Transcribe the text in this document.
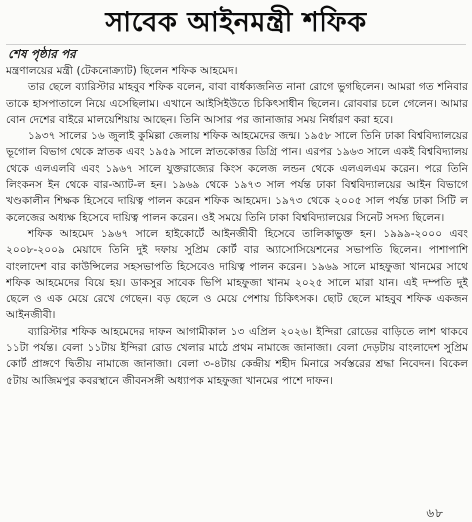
সাবেক আইনমন্ত্রী শফিক
শেষ পৃষ্ঠার পর

মন্ত্রণালয়ের মন্ত্রী (টেকনোক্র্যাট) ছিলেন শফিক আহমেদ।

তার ছেলে ব্যারিস্টার মাহবুব শফিক বলেন, বাবা বার্ধক্যজনিত নানা রোগে ভুগছিলেন। আমরা গত শনিবার তাকে হাসপাতালে নিয়ে এসেছিলাম। এখানে আইসিইউতে চিকিৎসাধীন ছিলেন। রোববার চলে গেলেন। আমার বোন দেশের বাইরে মালয়েশিয়ায় আছেন। তিনি আসার পর জানাজার সময় নির্ধারণ করা হবে।

১৯৩৭ সালের ১৬ জুলাই কুমিল্লা জেলায় শফিক আহমেদের জন্ম। ১৯৫৮ সালে তিনি ঢাকা বিশ্ববিদ্যালয়ের ভূগোল বিভাগ থেকে স্নাতক এবং ১৯৫৯ সালে স্নাতকোত্তর ডিগ্রি পান। এরপর ১৯৬৩ সালে একই বিশ্ববিদ্যালয় থেকে এলএলবি এবং ১৯৬৭ সালে যুক্তরাজ্যের কিংস কলেজ লন্ডন থেকে এলএলএম করেন। পরে তিনি লিংকনস ইন থেকে বার-অ্যাট-ল হন। ১৯৬৯ থেকে ১৯৭৩ সাল পর্যন্ত ঢাকা বিশ্ববিদ্যালয়ের আইন বিভাগে খণ্ডকালীন শিক্ষক হিসেবে দায়িত্ব পালন করেন শফিক আহমেদ। ১৯৭৩ থেকে ২০০৫ সাল পর্যন্ত ঢাকা সিটি ল কলেজের অধ্যক্ষ হিসেবে দায়িত্ব পালন করেন। ওই সময়ে তিনি ঢাকা বিশ্ববিদ্যালয়ের সিনেট সদস্য ছিলেন।

শফিক আহমেদ ১৯৬৭ সালে হাইকোর্টে আইনজীবী হিসেবে তালিকাভুক্ত হন। ১৯৯৯-২০০০ এবং ২০০৮-২০০৯ মেয়াদে তিনি দুই দফায় সুপ্রিম কোর্ট বার অ্যাসোসিয়েশনের সভাপতি ছিলেন। পাশাপাশি বাংলাদেশ বার কাউন্সিলের সহসভাপতি হিসেবেও দায়িত্ব পালন করেন। ১৯৬৯ সালে মাহফুজা খানমের সাথে শফিক আহমেদের বিয়ে হয়। ডাকসুর সাবেক ভিপি মাহফুজা খানম ২০২৫ সালে মারা যান। এই দম্পতি দুই ছেলে ও এক মেয়ে রেখে গেছেন। বড় ছেলে ও মেয়ে পেশায় চিকিৎসক। ছোট ছেলে মাহবুব শফিক একজন আইনজীবী।

ব্যারিস্টার শফিক আহমেদের দাফন আগামীকাল ১৩ এপ্রিল ২০২৬। ইন্দিরা রোডের বাড়িতে লাশ থাকবে ১১টা পর্যন্ত। বেলা ১১টায় ইন্দিরা রোড খেলার মাঠে প্রথম নামাজে জানাজা। বেলা দেড়টায় বাংলাদেশ সুপ্রিম কোর্ট প্রাঙ্গণে দ্বিতীয় নামাজে জানাজা। বেলা ৩-৪টায় কেন্দ্রীয় শহীদ মিনারে সর্বস্তরের শ্রদ্ধা নিবেদন। বিকেল ৫টায় আজিমপুর কবরস্থানে জীবনসঙ্গী অধ্যাপক মাহফুজা খানমের পাশে দাফন।

৬৮
